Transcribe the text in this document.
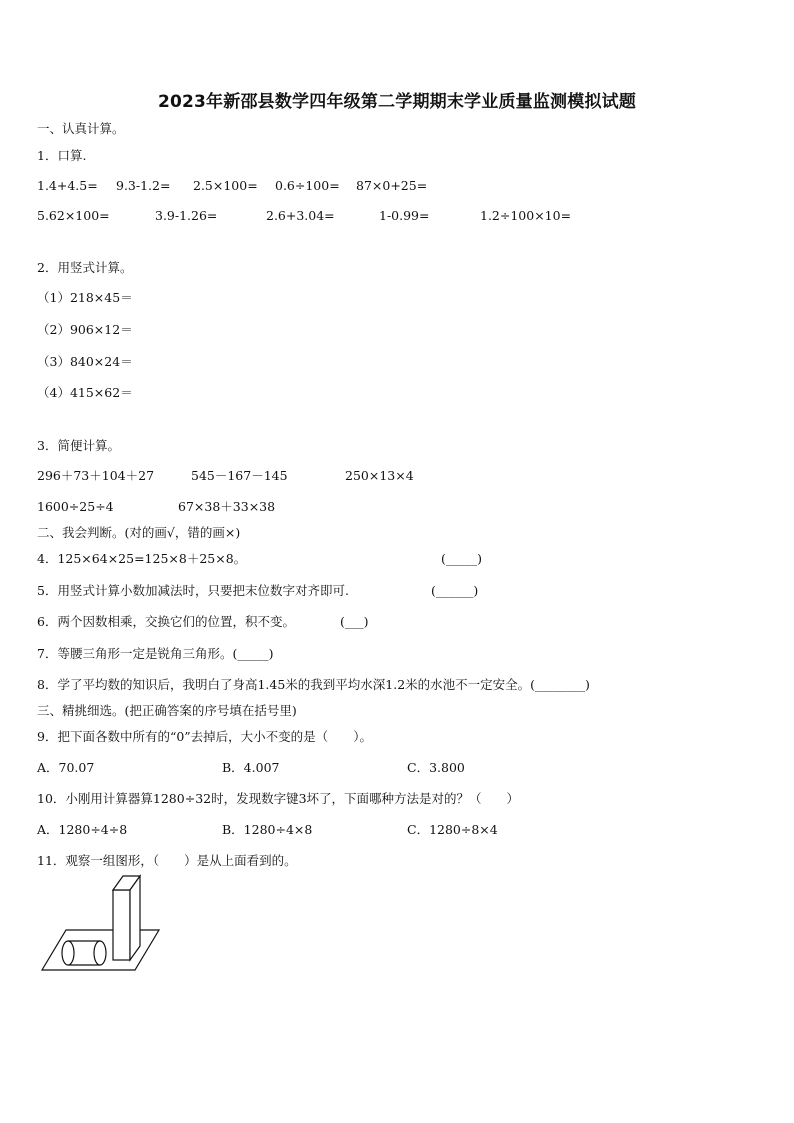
2023年新邵县数学四年级第二学期期末学业质量监测模拟试题
一、认真计算。
1．口算.
1.4+4.5= 9.3-1.2= 2.5×100= 0.6÷100= 87×0+25=
5.62×100=	3.9-1.26=	2.6+3.04=	1-0.99=	1.2÷100×10=
2．用竖式计算。
（1）218×45＝
（2）906×12＝
（3）840×24＝
（4）415×62＝
3．简便计算。
296＋73＋104＋27	545－167－145	250×13×4
1600÷25÷4	67×38＋33×38
二、我会判断。(对的画√，错的画×)
4．125×64×25=125×8＋25×8。	(_____)
5．用竖式计算小数加减法时，只要把末位数字对齐即可.	(______)
6．两个因数相乘，交换它们的位置，积不变。	(___)
7．等腰三角形一定是锐角三角形。(_____)
8．学了平均数的知识后，我明白了身高1.45米的我到平均水深1.2米的水池不一定安全。(________)
三、精挑细选。(把正确答案的序号填在括号里)
9．把下面各数中所有的“0”去掉后，大小不变的是（　　）。
A．70.07	B．4.007	C．3.800
10．小刚用计算器算1280÷32时，发现数字键3坏了，下面哪种方法是对的？（　　）
A．1280÷4÷8	B．1280÷4×8	C．1280÷8×4
11．观察一组图形，（　　）是从上面看到的。
